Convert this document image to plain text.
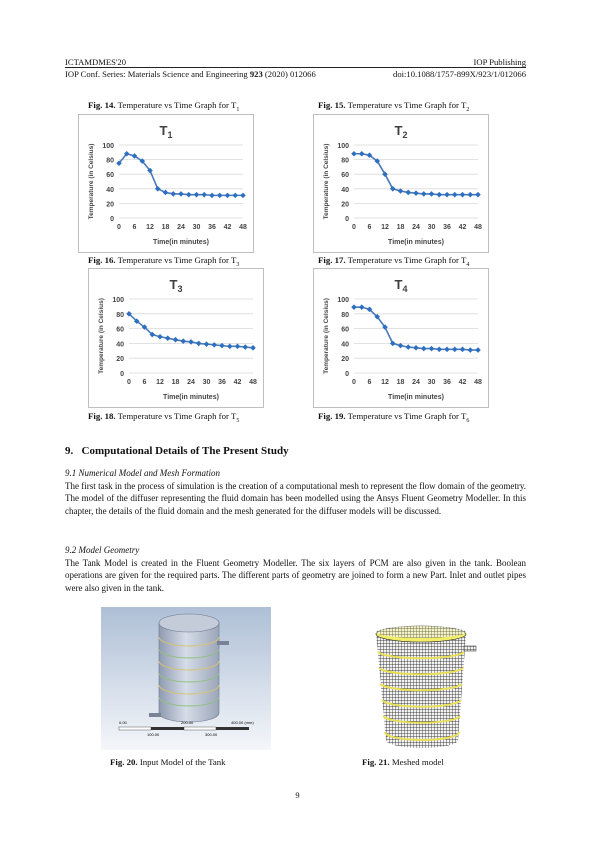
ICTAMDMES'20	IOP Publishing
IOP Conf. Series: Materials Science and Engineering 923 (2020) 012066	doi:10.1088/1757-899X/923/1/012066
Fig. 14. Temperature vs Time Graph for $T_1$	Fig. 15. Temperature vs Time Graph for $T_2$
$T_1$
0
20
40
60
80
100
0 6 12 18 24 30 36 42 48
Time(in minutes)
Temperature (in Celsius)
$T_2$
0
20
40
60
80
100
0 6 12 18 24 30 36 42 48
Time(in minutes)
Temperature (in Celsius)
Fig. 16. Temperature vs Time Graph for $T_3$	Fig. 17. Temperature vs Time Graph for $T_4$
$T_3$
0
20
40
60
80
100
0 6 12 18 24 30 36 42 48
Time(in minutes)
Temperature (in Celsius)
$T_4$
0
20
40
60
80
100
0 6 12 18 24 30 36 42 48
Time(in minutes)
Temperature (in Celsius)
Fig. 18. Temperature vs Time Graph for $T_5$	Fig. 19. Temperature vs Time Graph for $T_6$
9. Computational Details of The Present Study
9.1 Numerical Model and Mesh Formation
The first task in the process of simulation is the creation of a computational mesh to represent the flow domain of the geometry. The model of the diffuser representing the fluid domain has been modelled using the Ansys Fluent Geometry Modeller. In this chapter, the details of the fluid domain and the mesh generated for the diffuser models will be discussed.
9.2 Model Geometry
The Tank Model is created in the Fluent Geometry Modeller. The six layers of PCM are also given in the tank. Boolean operations are given for the required parts. The different parts of geometry are joined to form a new Part. Inlet and outlet pipes were also given in the tank.
0.00	200.00	400.00 (mm)
100.00	300.00
Fig. 20. Input Model of the Tank	Fig. 21. Meshed model
9
